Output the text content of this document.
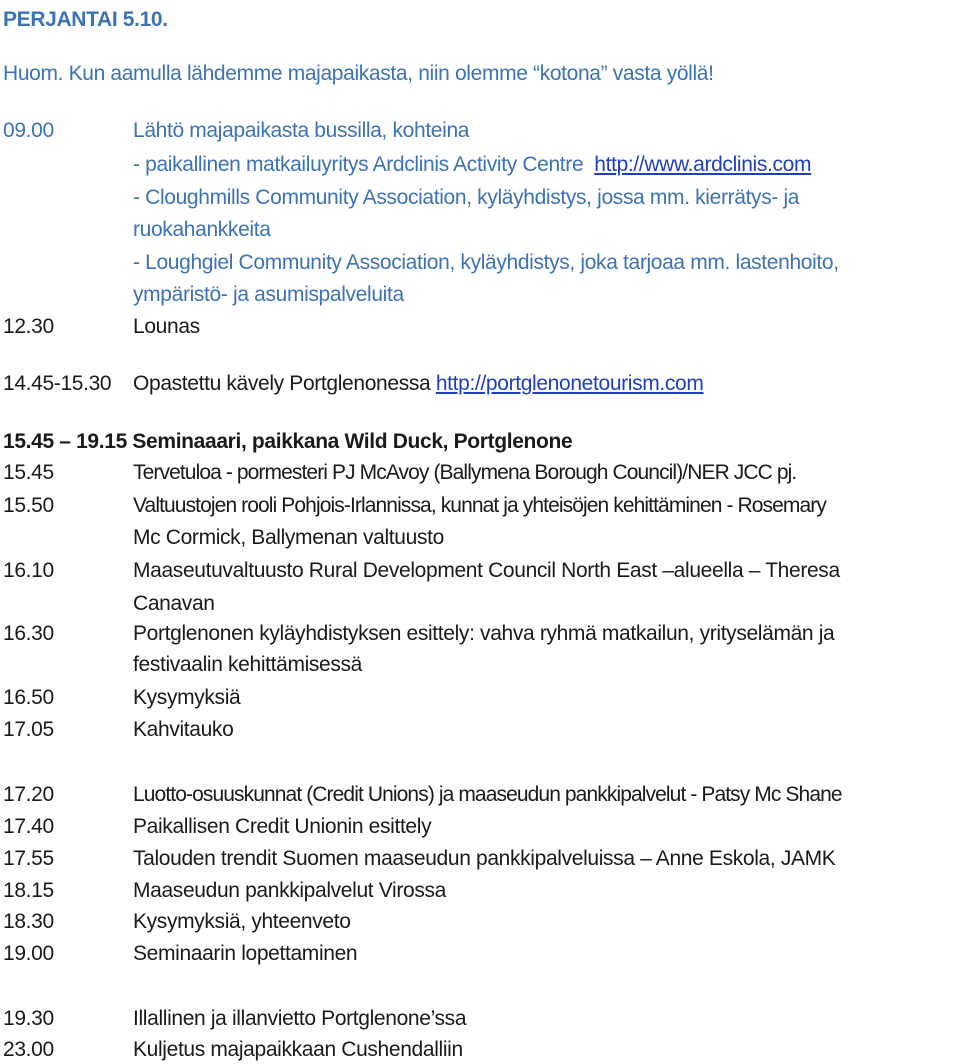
PERJANTAI 5.10.
Huom. Kun aamulla lähdemme majapaikasta, niin olemme “kotona” vasta yöllä!
09.00	Lähtö majapaikasta bussilla, kohteina
- paikallinen matkailuyritys Ardclinis Activity Centre http://www.ardclinis.com
- Cloughmills Community Association, kyläyhdistys, jossa mm. kierrätys- ja
ruokahankkeita
- Loughgiel Community Association, kyläyhdistys, joka tarjoaa mm. lastenhoito,
ympäristö- ja asumispalveluita
12.30	Lounas
14.45-15.30 Opastettu kävely Portglenonessa http://portglenonetourism.com
15.45 – 19.15 Seminaaari, paikkana Wild Duck, Portglenone
15.45	Tervetuloa - pormesteri PJ McAvoy (Ballymena Borough Council)/NER JCC pj.
15.50	Valtuustojen rooli Pohjois-Irlannissa, kunnat ja yhteisöjen kehittäminen - Rosemary
Mc Cormick, Ballymenan valtuusto
16.10	Maaseutuvaltuusto Rural Development Council North East –alueella – Theresa
Canavan
16.30	Portglenonen kyläyhdistyksen esittely: vahva ryhmä matkailun, yrityselämän ja
festivaalin kehittämisessä
16.50	Kysymyksiä
17.05	Kahvitauko
17.20	Luotto-osuuskunnat (Credit Unions) ja maaseudun pankkipalvelut - Patsy Mc Shane
17.40	Paikallisen Credit Unionin esittely
17.55	Talouden trendit Suomen maaseudun pankkipalveluissa – Anne Eskola, JAMK
18.15	Maaseudun pankkipalvelut Virossa
18.30	Kysymyksiä, yhteenveto
19.00	Seminaarin lopettaminen
19.30	Illallinen ja illanvietto Portglenone’ssa
23.00	Kuljetus majapaikkaan Cushendalliin
